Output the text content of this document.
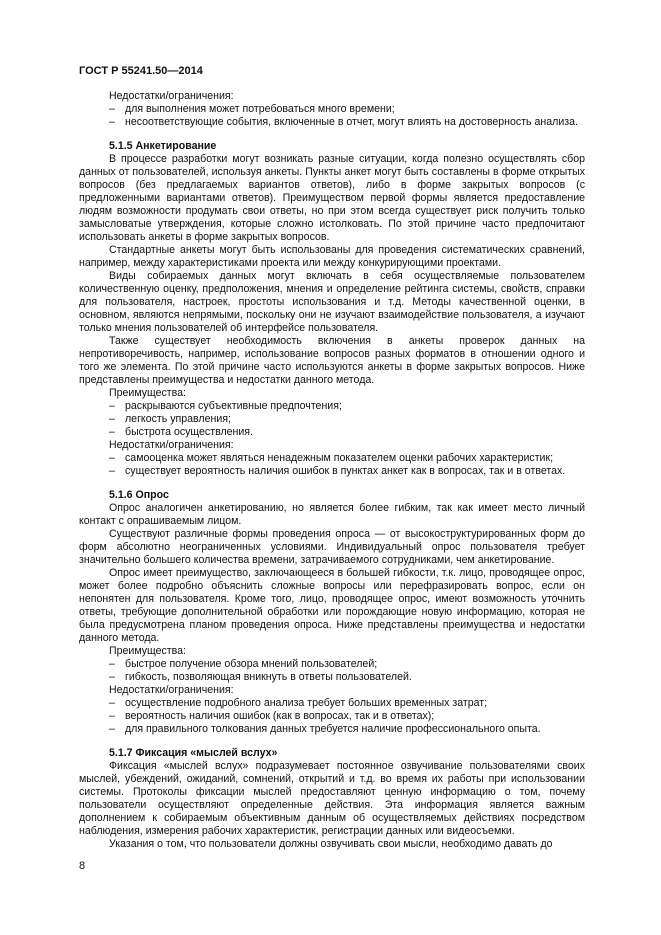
ГОСТ Р 55241.50—2014

Недостатки/ограничения:

– для выполнения может потребоваться много времени;
– несоответствующие события, включенные в отчет, могут влиять на достоверность анализа.
5.1.5 Анкетирование

В процессе разработки могут возникать разные ситуации, когда полезно осуществлять сбор данных от пользователей, используя анкеты. Пункты анкет могут быть составлены в форме открытых вопросов (без предлагаемых вариантов ответов), либо в форме закрытых вопросов (с предложенными вариантами ответов). Преимуществом первой формы является предоставление людям возможности продумать свои ответы, но при этом всегда существует риск получить только замысловатые утверждения, которые сложно истолковать. По этой причине часто предпочитают использовать анкеты в форме закрытых вопросов.

Стандартные анкеты могут быть использованы для проведения систематических сравнений, например, между характеристиками проекта или между конкурирующими проектами.

Виды собираемых данных могут включать в себя осуществляемые пользователем количественную оценку, предположения, мнения и определение рейтинга системы, свойств, справки для пользователя, настроек, простоты использования и т.д. Методы качественной оценки, в основном, являются непрямыми, поскольку они не изучают взаимодействие пользователя, а изучают только мнения пользователей об интерфейсе пользователя.

Также существует необходимость включения в анкеты проверок данных на непротиворечивость, например, использование вопросов разных форматов в отношении одного и того же элемента. По этой причине часто используются анкеты в форме закрытых вопросов. Ниже представлены преимущества и недостатки данного метода.

Преимущества:

– раскрываются субъективные предпочтения;
– легкость управления;
– быстрота осуществления.

Недостатки/ограничения:

– самооценка может являться ненадежным показателем оценки рабочих характеристик;
– существует вероятность наличия ошибок в пунктах анкет как в вопросах, так и в ответах.
5.1.6 Опрос

Опрос аналогичен анкетированию, но является более гибким, так как имеет место личный контакт с опрашиваемым лицом.

Существуют различные формы проведения опроса — от высокоструктурированных форм до форм абсолютно неограниченных условиями. Индивидуальный опрос пользователя требует значительно большего количества времени, затрачиваемого сотрудниками, чем анкетирование.

Опрос имеет преимущество, заключающееся в большей гибкости, т.к. лицо, проводящее опрос, может более подробно объяснить сложные вопросы или перефразировать вопрос, если он непонятен для пользователя. Кроме того, лицо, проводящее опрос, имеют возможность уточнить ответы, требующие дополнительной обработки или порождающие новую информацию, которая не была предусмотрена планом проведения опроса. Ниже представлены преимущества и недостатки данного метода.

Преимущества:

– быстрое получение обзора мнений пользователей;
– гибкость, позволяющая вникнуть в ответы пользователей.

Недостатки/ограничения:

– осуществление подробного анализа требует больших временных затрат;
– вероятность наличия ошибок (как в вопросах, так и в ответах);
– для правильного толкования данных требуется наличие профессионального опыта.
5.1.7 Фиксация «мыслей вслух»

Фиксация «мыслей вслух» подразумевает постоянное озвучивание пользователями своих мыслей, убеждений, ожиданий, сомнений, открытий и т.д. во время их работы при использовании системы. Протоколы фиксации мыслей предоставляют ценную информацию о том, почему пользователи осуществляют определенные действия. Эта информация является важным дополнением к собираемым объективным данным об осуществляемых действиях посредством наблюдения, измерения рабочих характеристик, регистрации данных или видеосъемки.

Указания о том, что пользователи должны озвучивать свои мысли, необходимо давать до

8
